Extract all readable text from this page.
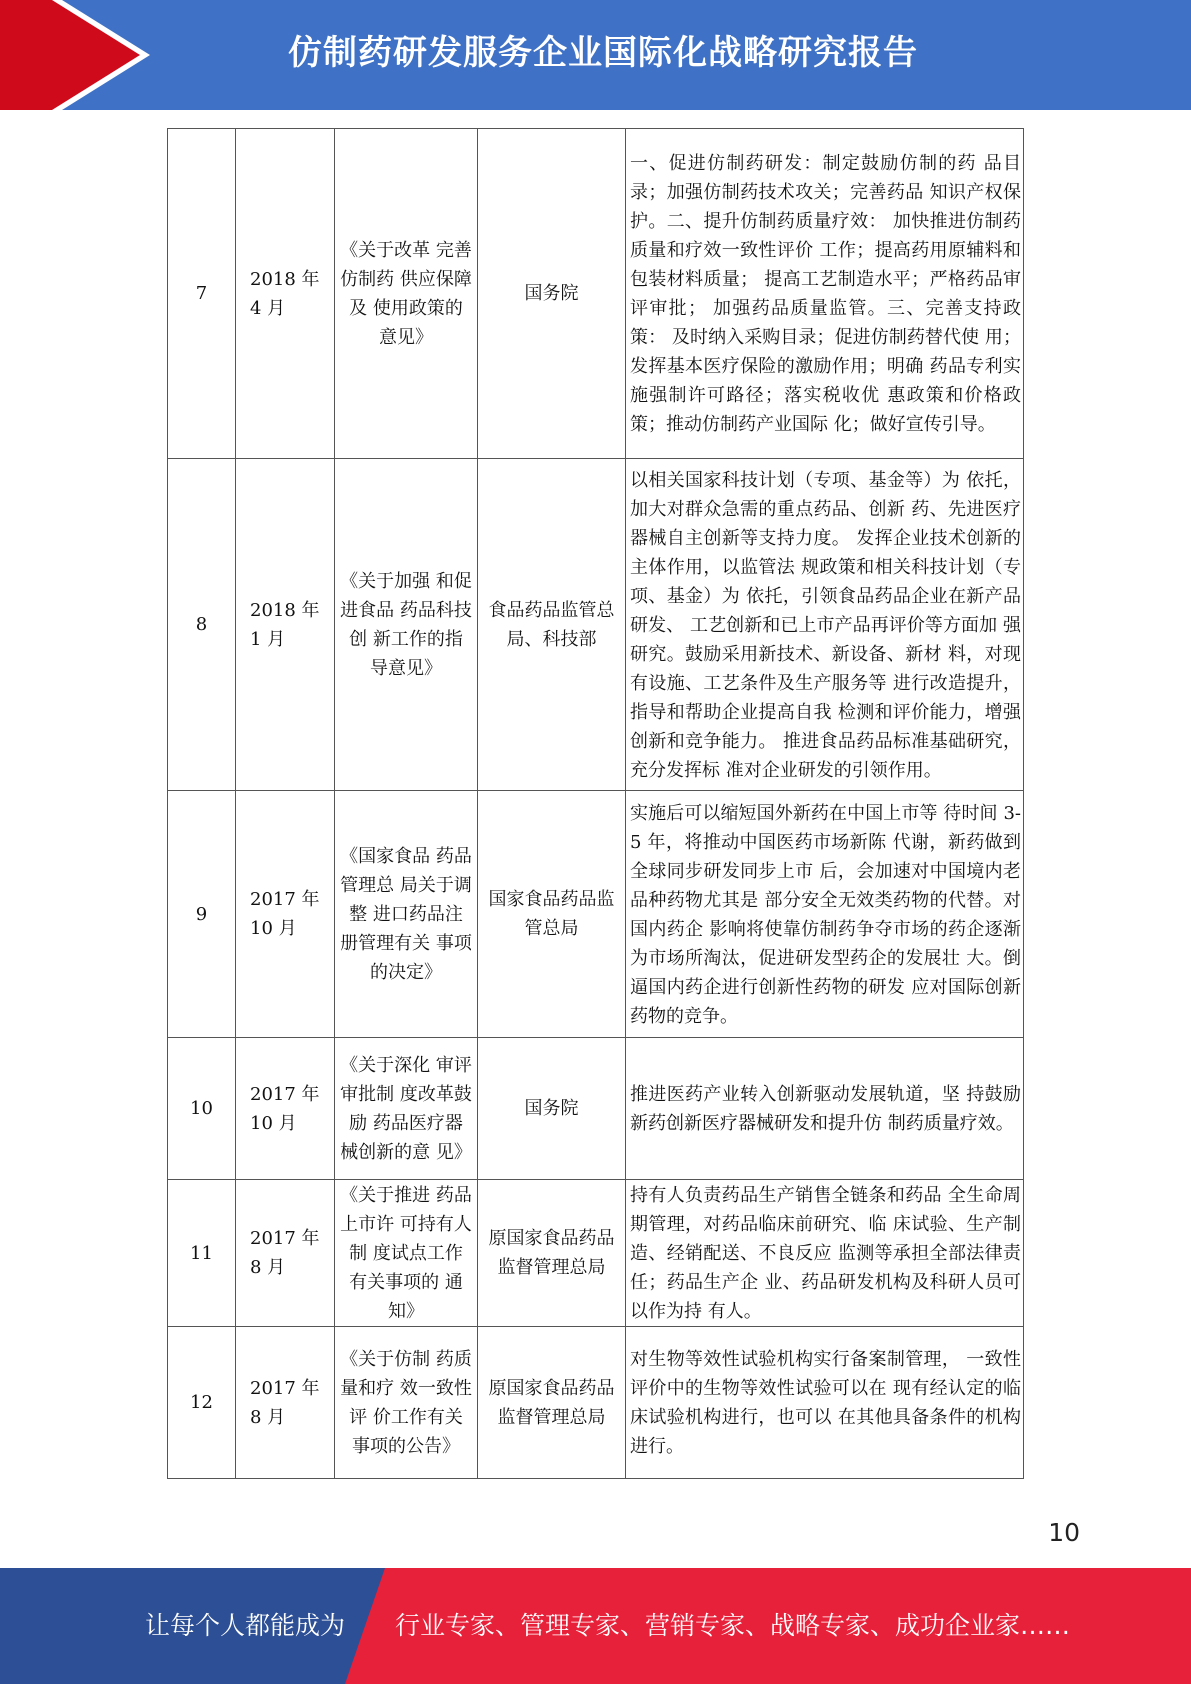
仿制药研发服务企业国际化战略研究报告
7	2018 年 4 月	《关于改革 完善仿制药 供应保障及 使用政策的 意见》	国务院	一、促进仿制药研发：制定鼓励仿制的药 品目录；加强仿制药技术攻关；完善药品 知识产权保护。二、提升仿制药质量疗效： 加快推进仿制药质量和疗效一致性评价 工作；提高药用原辅料和包装材料质量； 提高工艺制造水平；严格药品审评审批； 加强药品质量监管。三、完善支持政策： 及时纳入采购目录；促进仿制药替代使 用；发挥基本医疗保险的激励作用；明确 药品专利实施强制许可路径；落实税收优 惠政策和价格政策；推动仿制药产业国际 化；做好宣传引导。

8	2018 年 1 月	《关于加强 和促进食品 药品科技创 新工作的指 导意见》	食品药品监管总局、科技部	以相关国家科技计划（专项、基金等）为 依托，加大对群众急需的重点药品、创新 药、先进医疗器械自主创新等支持力度。 发挥企业技术创新的主体作用，以监管法 规政策和相关科技计划（专项、基金）为 依托，引领食品药品企业在新产品研发、 工艺创新和已上市产品再评价等方面加 强研究。鼓励采用新技术、新设备、新材 料，对现有设施、工艺条件及生产服务等 进行改造提升，指导和帮助企业提高自我 检测和评价能力，增强创新和竞争能力。 推进食品药品标准基础研究，充分发挥标 准对企业研发的引领作用。

9	2017 年 10 月	《国家食品 药品管理总 局关于调整 进口药品注 册管理有关 事项的决定》	国家食品药品监管总局	实施后可以缩短国外新药在中国上市等 待时间 3-5 年，将推动中国医药市场新陈 代谢，新药做到全球同步研发同步上市 后，会加速对中国境内老品种药物尤其是 部分安全无效类药物的代替。对国内药企 影响将使靠仿制药争夺市场的药企逐渐 为市场所淘汰，促进研发型药企的发展壮 大。倒逼国内药企进行创新性药物的研发 应对国际创新药物的竞争。

10	2017 年 10 月	《关于深化 审评审批制 度改革鼓励 药品医疗器 械创新的意 见》	国务院	推进医药产业转入创新驱动发展轨道，坚 持鼓励新药创新医疗器械研发和提升仿 制药质量疗效。

11	2017 年 8 月	《关于推进 药品上市许 可持有人制 度试点工作 有关事项的 通知》	原国家食品药品监督管理总局	持有人负责药品生产销售全链条和药品 全生命周期管理，对药品临床前研究、临 床试验、生产制造、经销配送、不良反应 监测等承担全部法律责任；药品生产企 业、药品研发机构及科研人员可以作为持 有人。

12	2017 年 8 月	《关于仿制 药质量和疗 效一致性评 价工作有关 事项的公告》	原国家食品药品监督管理总局	对生物等效性试验机构实行备案制管理， 一致性评价中的生物等效性试验可以在 现有经认定的临床试验机构进行，也可以 在其他具备条件的机构进行。
10
让每个人都能成为	行业专家、管理专家、营销专家、战略专家、成功企业家……
